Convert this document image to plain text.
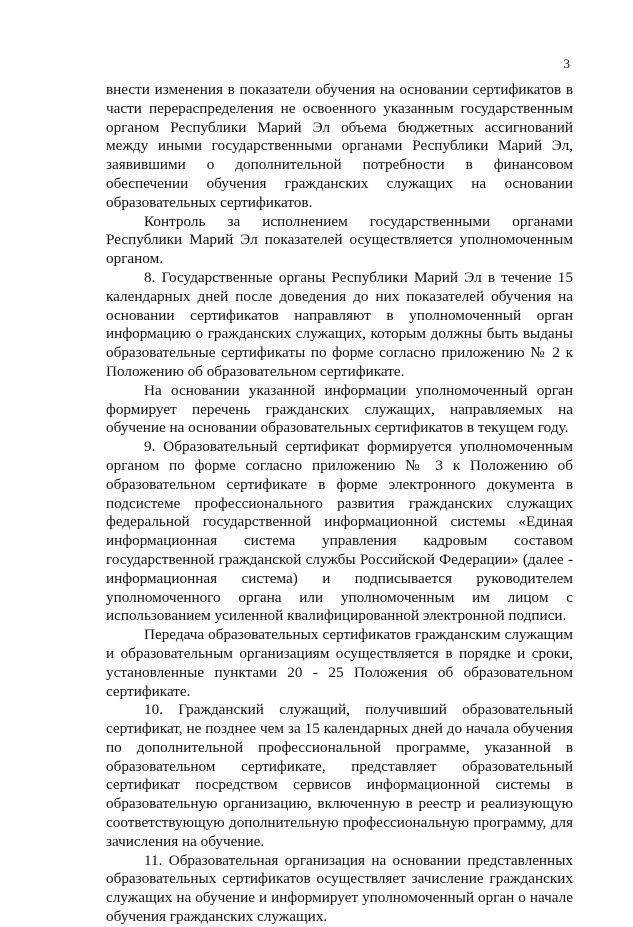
3

внести изменения в показатели обучения на основании сертификатов в части перераспределения не освоенного указанным государственным органом Республики Марий Эл объема бюджетных ассигнований между иными государственными органами Республики Марий Эл, заявившими о дополнительной потребности в финансовом обеспечении обучения гражданских служащих на основании образовательных сертификатов.

Контроль за исполнением государственными органами Республики Марий Эл показателей осуществляется уполномоченным органом.

8. Государственные органы Республики Марий Эл в течение 15 календарных дней после доведения до них показателей обучения на основании сертификатов направляют в уполномоченный орган информацию о гражданских служащих, которым должны быть выданы образовательные сертификаты по форме согласно приложению № 2 к Положению об образовательном сертификате.

На основании указанной информации уполномоченный орган формирует перечень гражданских служащих, направляемых на обучение на основании образовательных сертификатов в текущем году.

9. Образовательный сертификат формируется уполномоченным органом по форме согласно приложению № 3 к Положению об образовательном сертификате в форме электронного документа в подсистеме профессионального развития гражданских служащих федеральной государственной информационной системы «Единая информационная система управления кадровым составом государственной гражданской службы Российской Федерации» (далее - информационная система) и подписывается руководителем уполномоченного органа или уполномоченным им лицом с использованием усиленной квалифицированной электронной подписи.

Передача образовательных сертификатов гражданским служащим и образовательным организациям осуществляется в порядке и сроки, установленные пунктами 20 - 25 Положения об образовательном сертификате.

10. Гражданский служащий, получивший образовательный сертификат, не позднее чем за 15 календарных дней до начала обучения по дополнительной профессиональной программе, указанной в образовательном сертификате, представляет образовательный сертификат посредством сервисов информационной системы в образовательную организацию, включенную в реестр и реализующую соответствующую дополнительную профессиональную программу, для зачисления на обучение.

11. Образовательная организация на основании представленных образовательных сертификатов осуществляет зачисление гражданских служащих на обучение и информирует уполномоченный орган о начале обучения гражданских служащих.
